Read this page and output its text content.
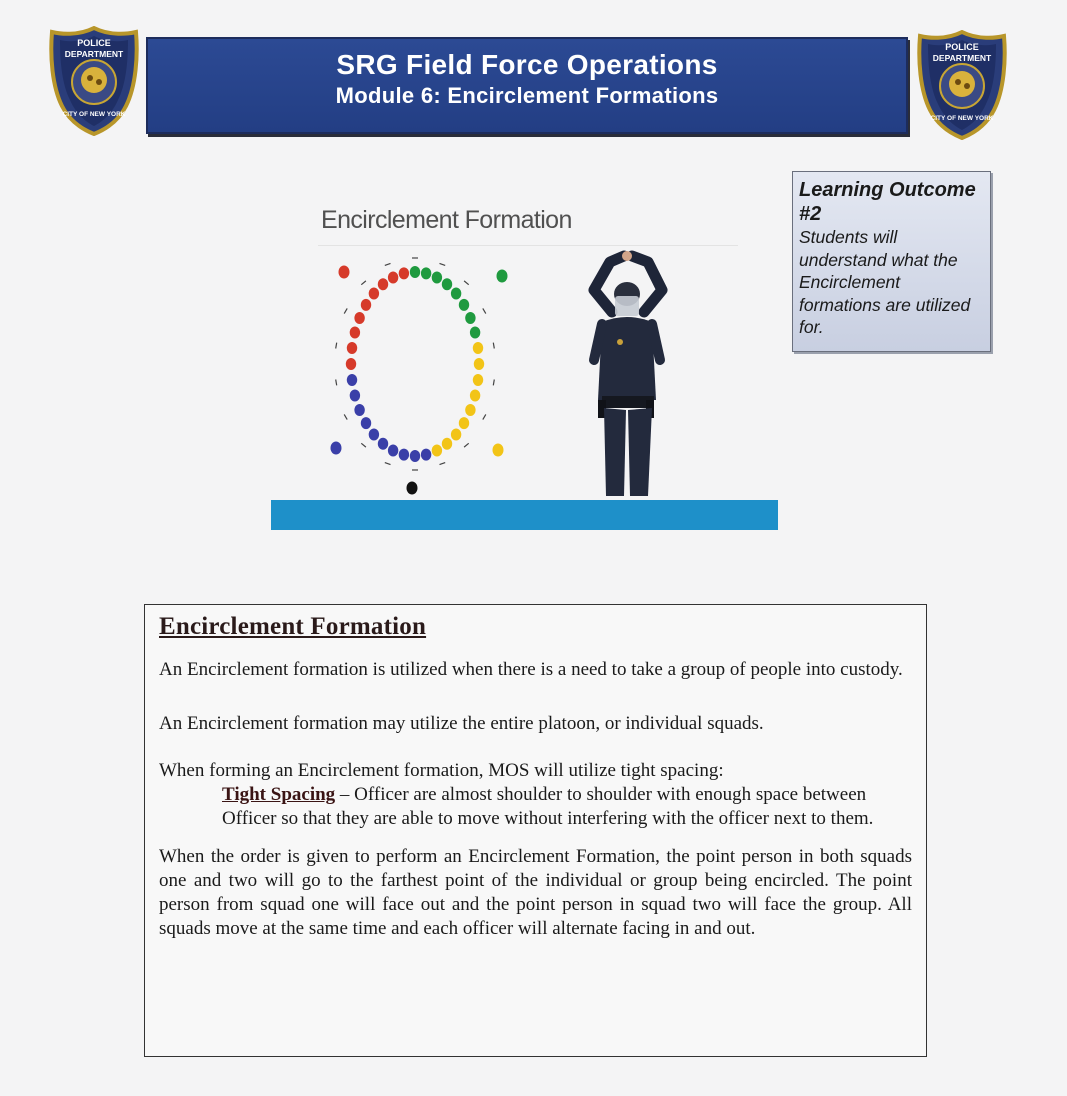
POLICE
DEPARTMENT
CITY OF NEW YORK
SRG Field Force Operations
Module 6: Encirclement Formations
POLICE
DEPARTMENT
CITY OF NEW YORK
Encirclement Formation

Learning Outcome #2

Students will understand what the Encirclement formations are utilized for.

Encirclement Formation

An Encirclement formation is utilized when there is a need to take a group of people into custody.

An Encirclement formation may utilize the entire platoon, or individual squads.

When forming an Encirclement formation, MOS will utilize tight spacing:

Tight Spacing – Officer are almost shoulder to shoulder with enough space between Officer so that they are able to move without interfering with the officer next to them.

When the order is given to perform an Encirclement Formation, the point person in both squads one and two will go to the farthest point of the individual or group being encircled. The point person from squad one will face out and the point person in squad two will face the group. All squads move at the same time and each officer will alternate facing in and out.
